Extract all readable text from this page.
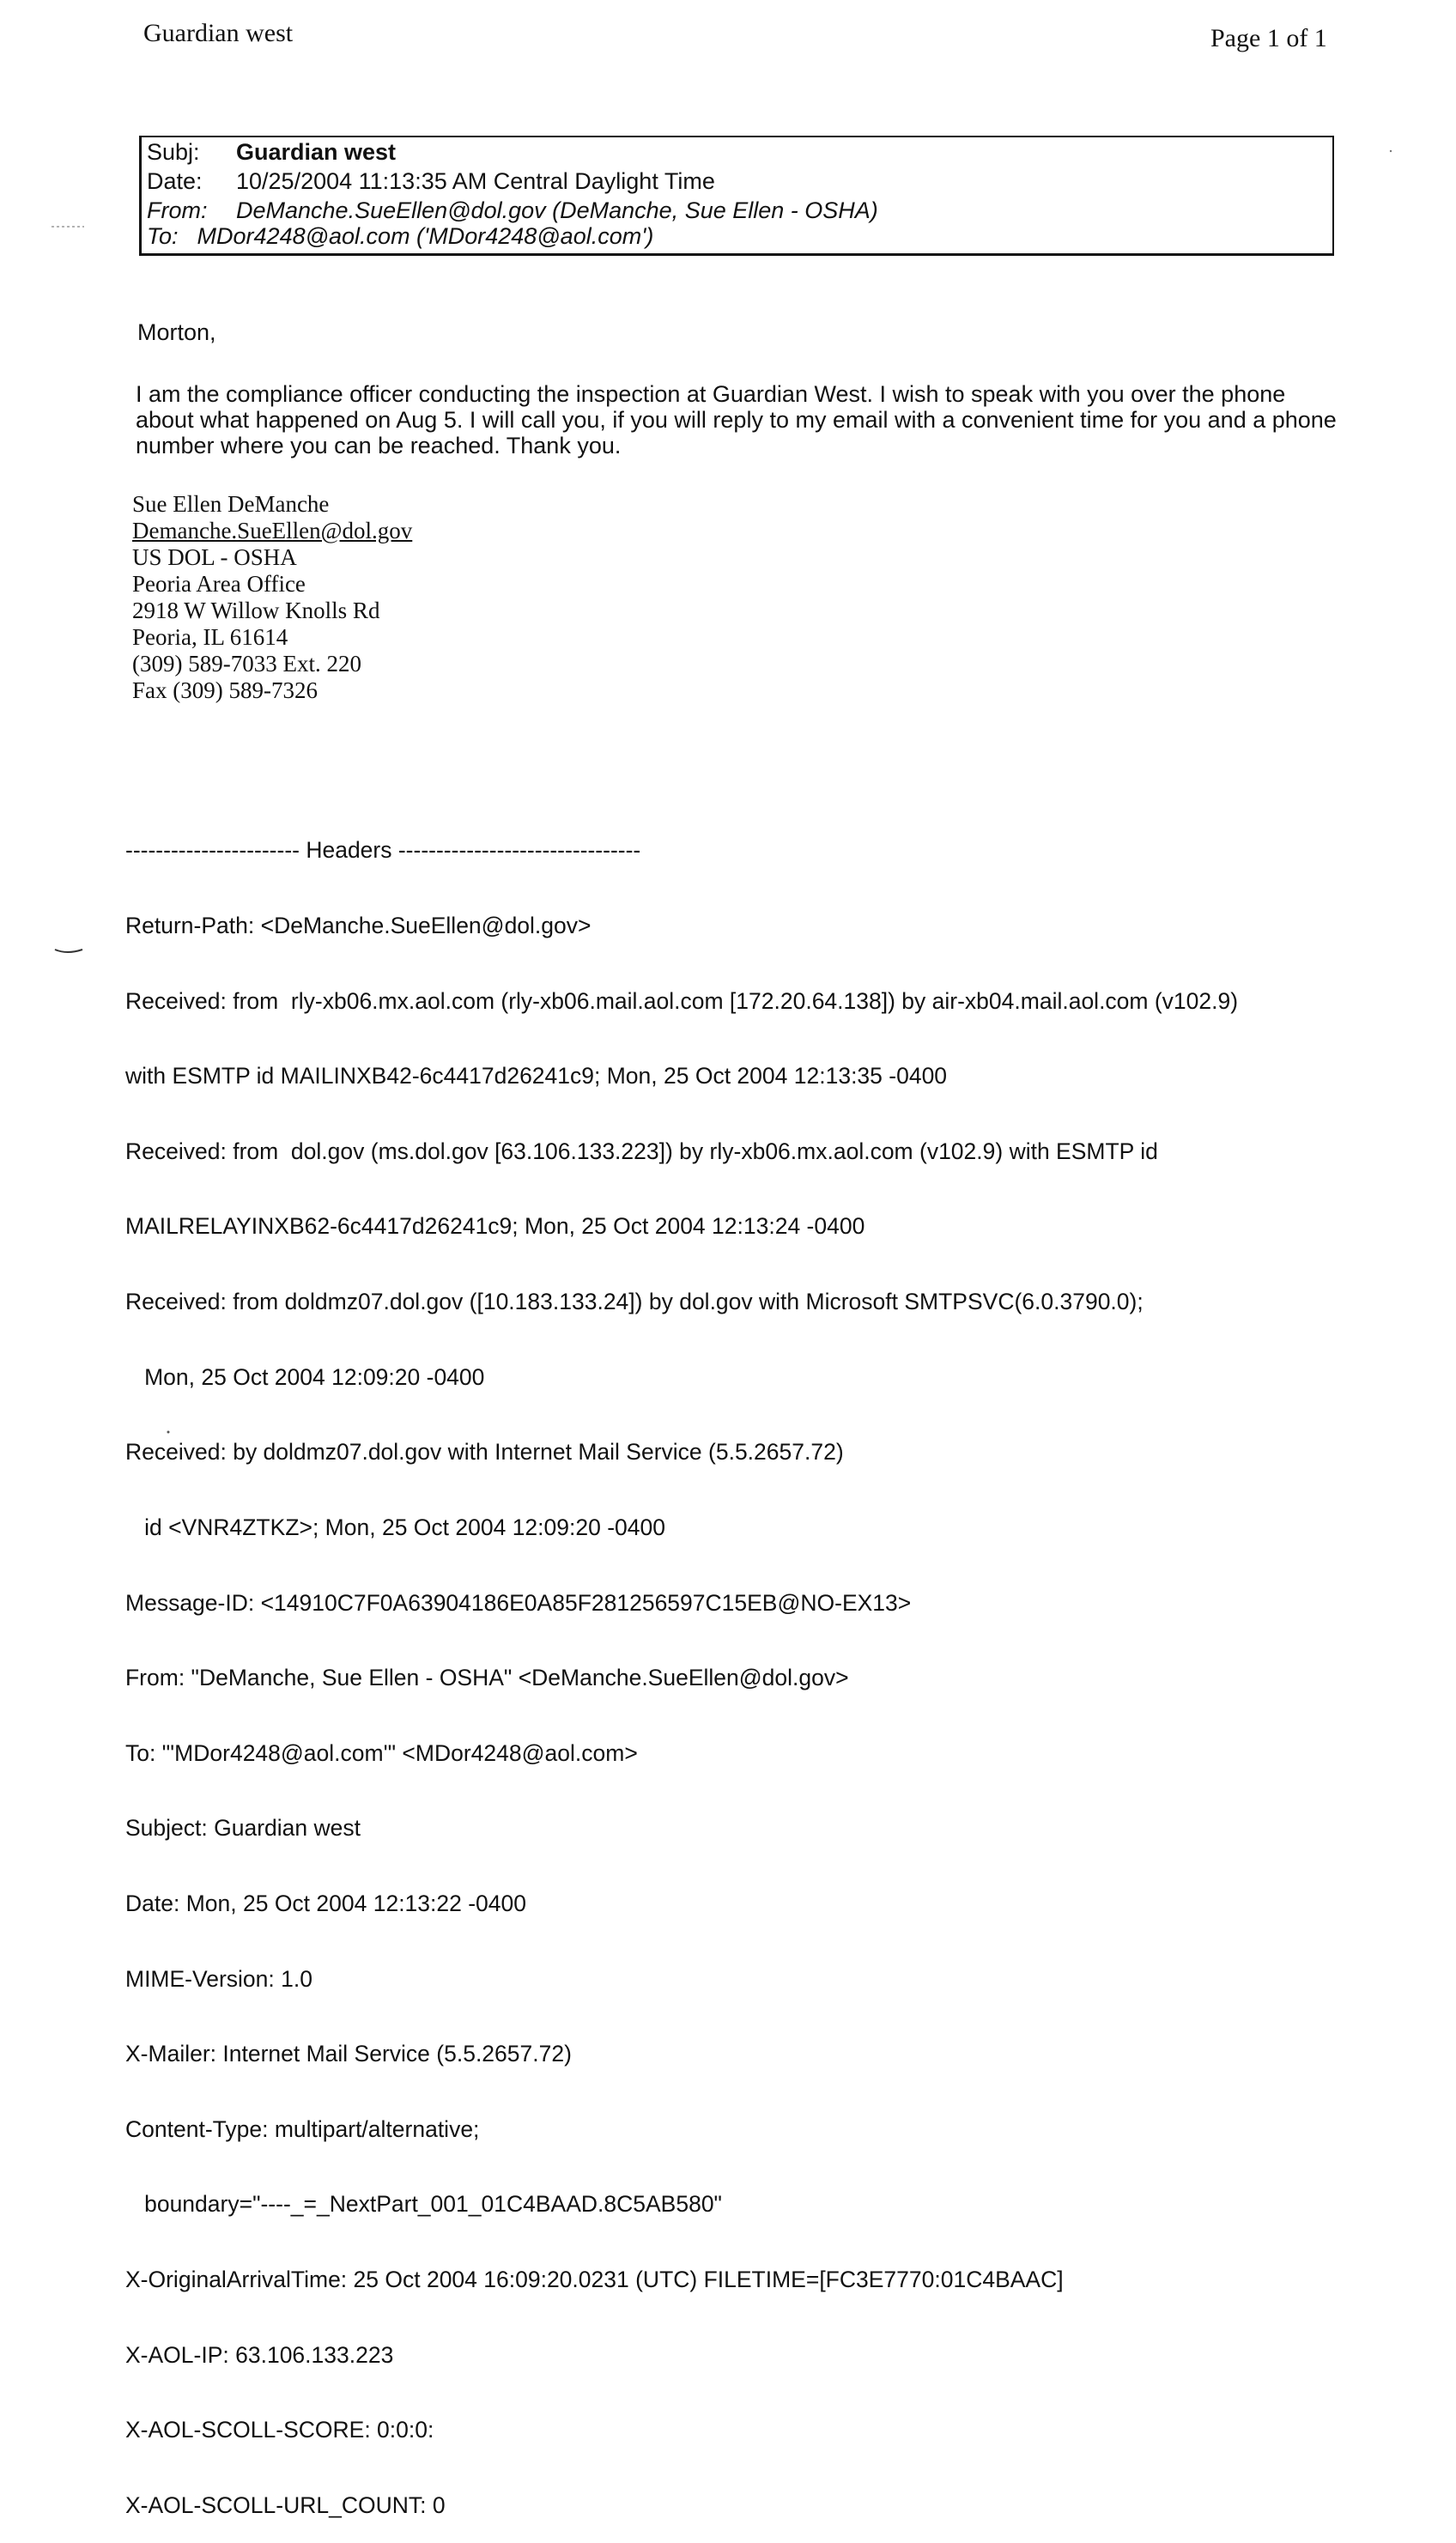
Guardian west	Page 1 of 1
Subj: Guardian west
Date: 10/25/2004 11:13:35 AM Central Daylight Time
From: DeManche.SueEllen@dol.gov (DeManche, Sue Ellen - OSHA)
To: MDor4248@aol.com ('MDor4248@aol.com')
Morton,
I am the compliance officer conducting the inspection at Guardian West. I wish to speak with you over the phone about what happened on Aug 5. I will call you, if you will reply to my email with a convenient time for you and a phone number where you can be reached. Thank you.
Sue Ellen DeManche
Demanche.SueEllen@dol.gov
US DOL - OSHA
Peoria Area Office
2918 W Willow Knolls Rd
Peoria, IL 61614
(309) 589-7033 Ext. 220
Fax (309) 589-7326

----------------------- Headers --------------------------------

Return-Path: <DeManche.SueEllen@dol.gov>

Received: from  rly-xb06.mx.aol.com (rly-xb06.mail.aol.com [172.20.64.138]) by air-xb04.mail.aol.com (v102.9)

with ESMTP id MAILINXB42-6c4417d26241c9; Mon, 25 Oct 2004 12:13:35 -0400

Received: from  dol.gov (ms.dol.gov [63.106.133.223]) by rly-xb06.mx.aol.com (v102.9) with ESMTP id

MAILRELAYINXB62-6c4417d26241c9; Mon, 25 Oct 2004 12:13:24 -0400

Received: from doldmz07.dol.gov ([10.183.133.24]) by dol.gov with Microsoft SMTPSVC(6.0.3790.0);

Mon, 25 Oct 2004 12:09:20 -0400

Received: by doldmz07.dol.gov with Internet Mail Service (5.5.2657.72)

id <VNR4ZTKZ>; Mon, 25 Oct 2004 12:09:20 -0400

Message-ID: <14910C7F0A63904186E0A85F281256597C15EB@NO-EX13>

From: "DeManche, Sue Ellen - OSHA" <DeManche.SueEllen@dol.gov>

To: "'MDor4248@aol.com'" <MDor4248@aol.com>

Subject: Guardian west

Date: Mon, 25 Oct 2004 12:13:22 -0400

MIME-Version: 1.0

X-Mailer: Internet Mail Service (5.5.2657.72)

Content-Type: multipart/alternative;

boundary="----_=_NextPart_001_01C4BAAD.8C5AB580"

X-OriginalArrivalTime: 25 Oct 2004 16:09:20.0231 (UTC) FILETIME=[FC3E7770:01C4BAAC]

X-AOL-IP: 63.106.133.223

X-AOL-SCOLL-SCORE: 0:0:0:

X-AOL-SCOLL-URL_COUNT: 0
